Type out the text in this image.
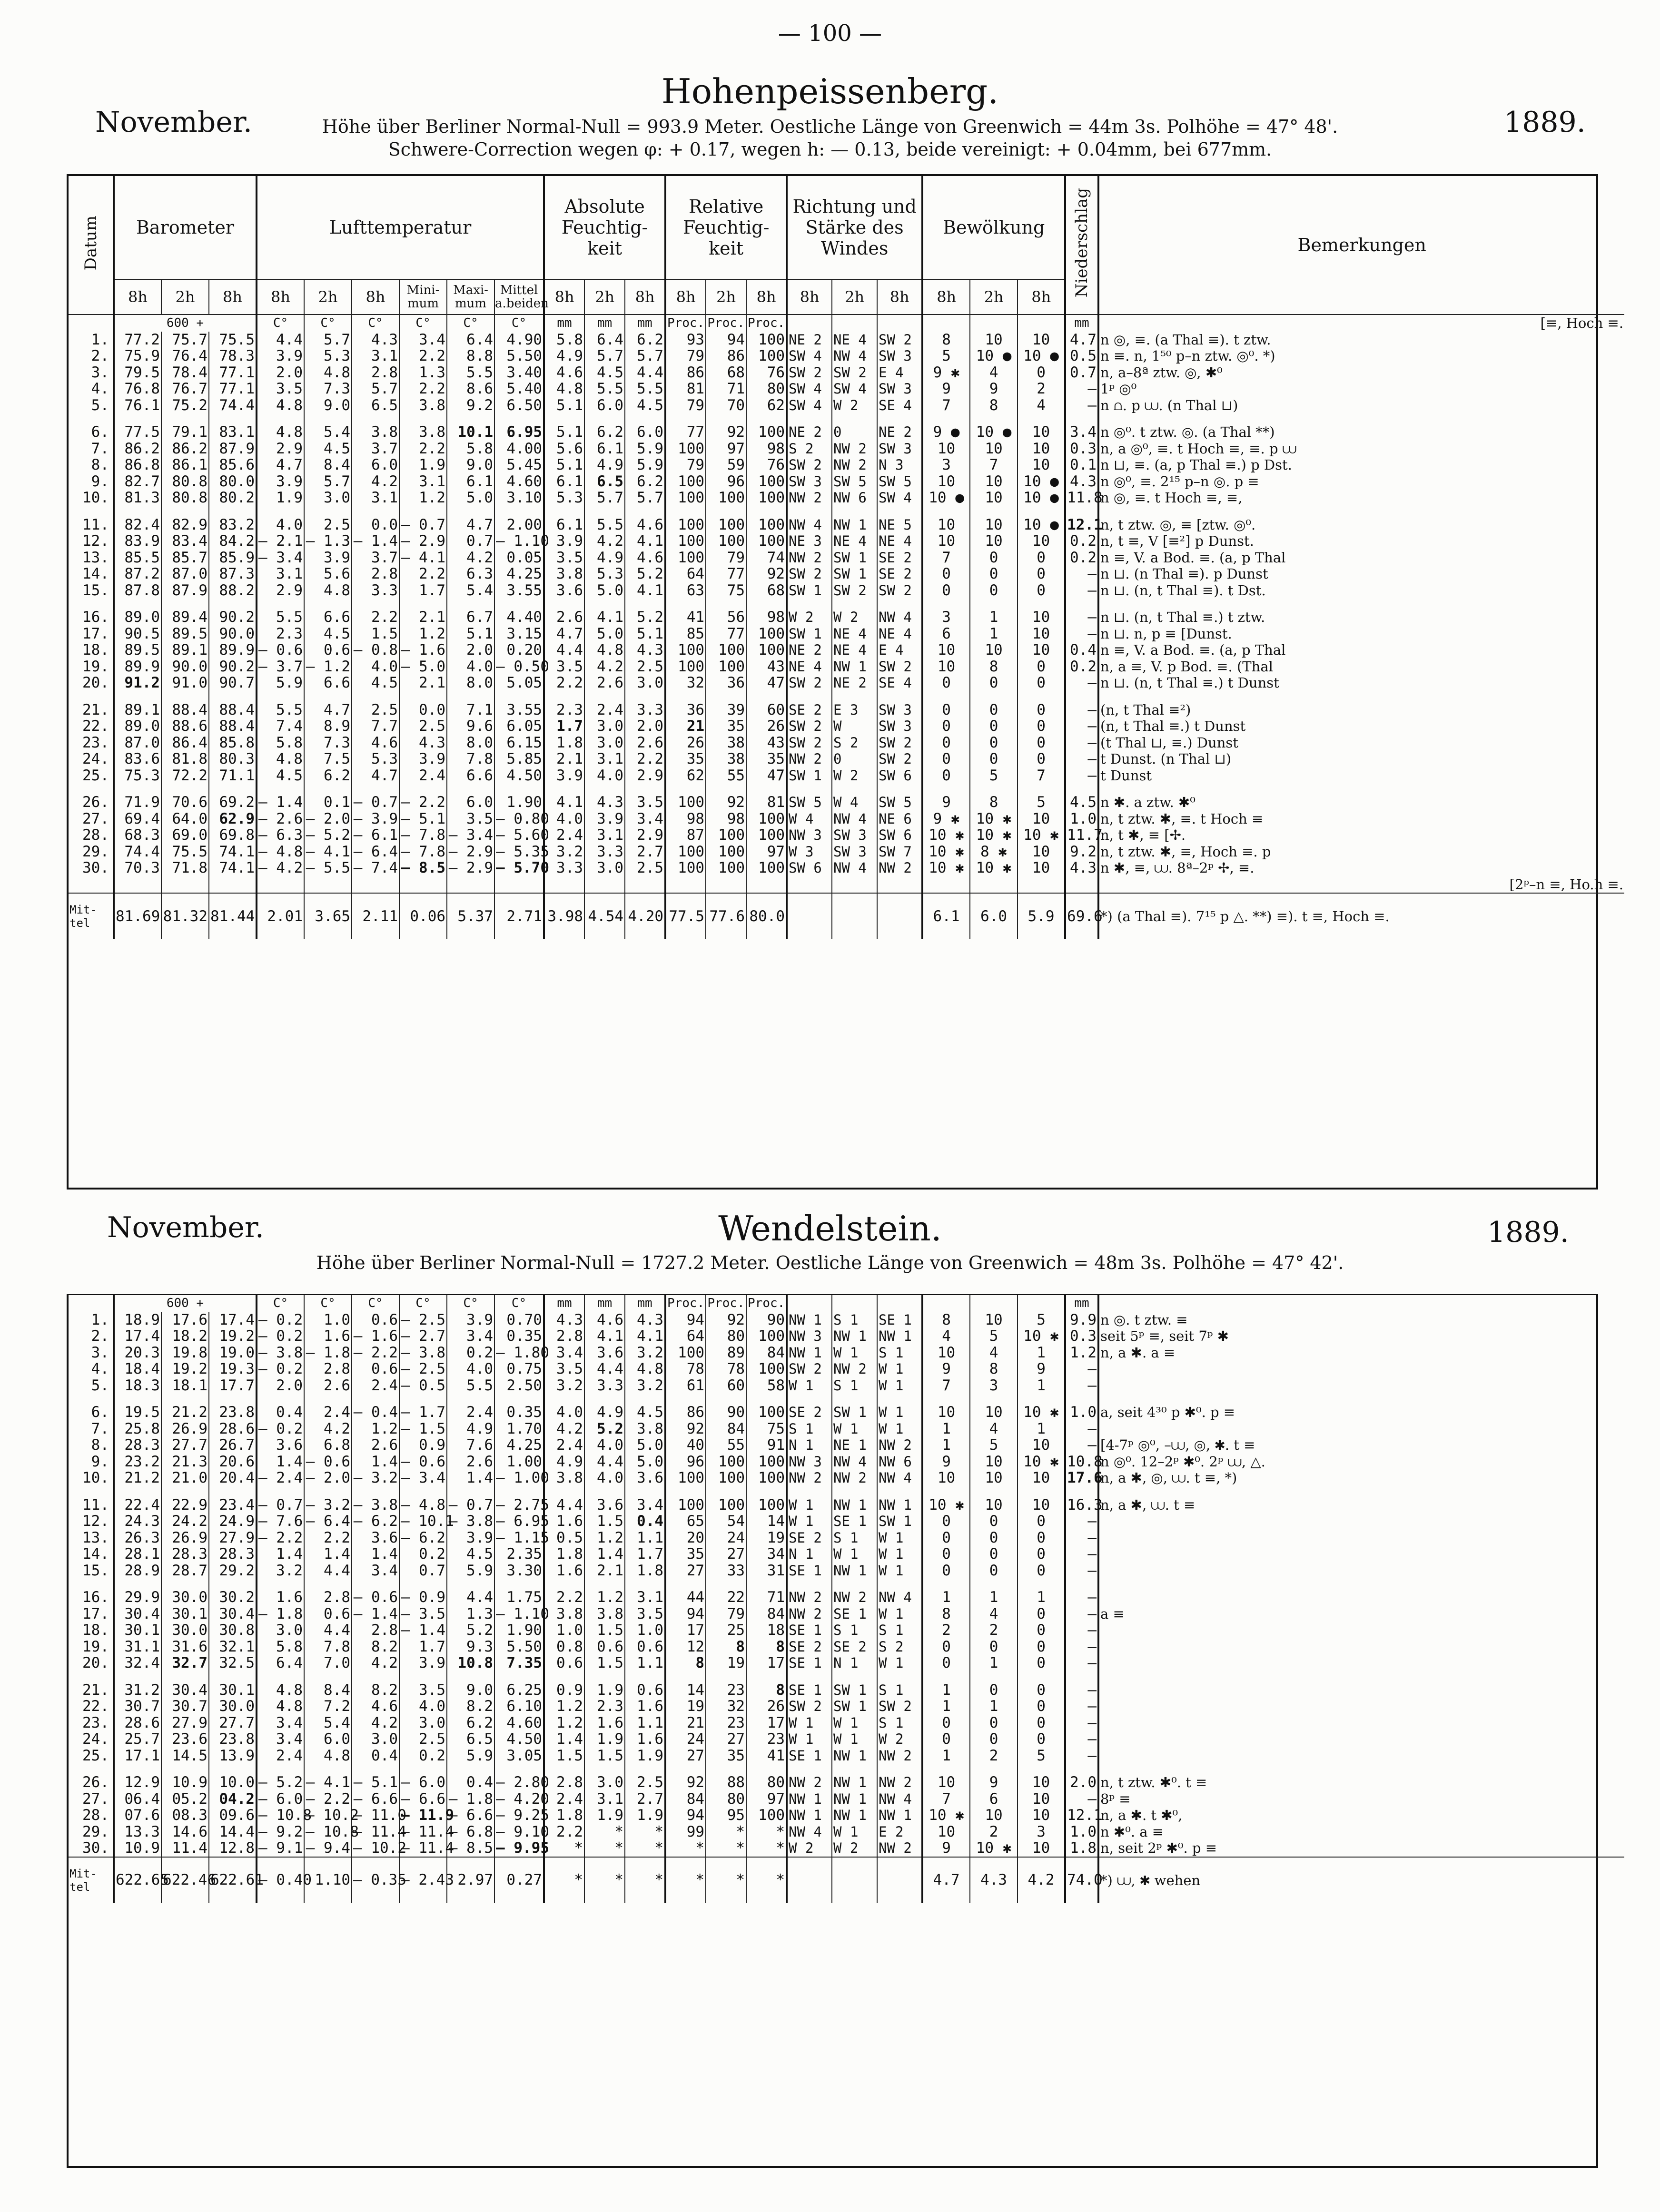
— 100 —
Hohenpeissenberg.
November.	1889.
Höhe über Berliner Normal-Null = 993.9 Meter. Oestliche Länge von Greenwich = 44m 3s. Polhöhe = 47° 48'.
Schwere-Correction wegen φ: + 0.17, wegen h: — 0.13, beide vereinigt: + 0.04mm, bei 677mm.
Datum	Barometer			Lufttemperatur						Absolute Feuchtig-keit			Relative Feuchtig-keit			Richtung und Stärke des Windes			Bewölkung			Niederschlag	Bemerkungen
	8h	2h	8h	8h	2h	8h	Mini-mum	Maxi-mum	Mittel a.beiden	8h	2h	8h	8h	2h	8h	8h	2h	8h	8h	2h	8h		
	600 +			C°	C°	C°	C°	C°	C°	mm	mm	mm	Proc.	Proc.	Proc.							mm	[≡, Hoch ≡.
1.	77.2	75.7	75.5	4.4	5.7	4.3	3.4	6.4	4.90	5.8	6.4	6.2	93	94	100	NE 2	NE 4	SW 2	8	10	10	4.7	n ◎, ≡. (a Thal ≡). t ztw.
2.	75.9	76.4	78.3	3.9	5.3	3.1	2.2	8.8	5.50	4.9	5.7	5.7	79	86	100	SW 4	NW 4	SW 3	5	10 ●	10 ●	0.5	n ≡. n, 1⁵⁰ p–n ztw. ◎⁰. *)
3.	79.5	78.4	77.1	2.0	4.8	2.8	1.3	5.5	3.40	4.6	4.5	4.4	86	68	76	SW 2	SW 2	E 4	9 ✱	4	0	0.7	n, a–8ª ztw. ◎, ✱⁰
4.	76.8	76.7	77.1	3.5	7.3	5.7	2.2	8.6	5.40	4.8	5.5	5.5	81	71	80	SW 4	SW 4	SW 3	9	9	2	–	1ᵖ ◎⁰
5.	76.1	75.2	74.4	4.8	9.0	6.5	3.8	9.2	6.50	5.1	6.0	4.5	79	70	62	SW 4	W 2	SE 4	7	8	4	–	n ⩍. p ⩊. (n Thal ⊔)

6.	77.5	79.1	83.1	4.8	5.4	3.8	3.8	10.1	6.95	5.1	6.2	6.0	77	92	100	NE 2	0	NE 2	9 ●	10 ●	10	3.4	n ◎⁰. t ztw. ◎. (a Thal **)
7.	86.2	86.2	87.9	2.9	4.5	3.7	2.2	5.8	4.00	5.6	6.1	5.9	100	97	98	S 2	NW 2	SW 3	10	10	10	0.3	n, a ◎⁰, ≡. t Hoch ≡, ≡. p ⩊
8.	86.8	86.1	85.6	4.7	8.4	6.0	1.9	9.0	5.45	5.1	4.9	5.9	79	59	76	SW 2	NW 2	N 3	3	7	10	0.1	n ⊔, ≡. (a, p Thal ≡.) p Dst.
9.	82.7	80.8	80.0	3.9	5.7	4.2	3.1	6.1	4.60	6.1	6.5	6.2	100	96	100	SW 3	SW 5	SW 5	10	10	10 ●	4.3	n ◎⁰, ≡. 2¹⁵ p–n ◎. p ≡
10.	81.3	80.8	80.2	1.9	3.0	3.1	1.2	5.0	3.10	5.3	5.7	5.7	100	100	100	NW 2	NW 6	SW 4	10 ●	10	10 ●	11.8	n ◎, ≡. t Hoch ≡, ≡,

11.	82.4	82.9	83.2	4.0	2.5	0.0	– 0.7	4.7	2.00	6.1	5.5	4.6	100	100	100	NW 4	NW 1	NE 5	10	10	10 ●	12.1	n, t ztw. ◎, ≡ [ztw. ◎⁰.
12.	83.9	83.4	84.2	– 2.1	– 1.3	– 1.4	– 2.9	0.7	– 1.10	3.9	4.2	4.1	100	100	100	NE 3	NE 4	NE 4	10	10	10	0.2	n, t ≡, V [≡²] p Dunst.
13.	85.5	85.7	85.9	– 3.4	3.9	3.7	– 4.1	4.2	0.05	3.5	4.9	4.6	100	79	74	NW 2	SW 1	SE 2	7	0	0	0.2	n ≡, V. a Bod. ≡. (a, p Thal
14.	87.2	87.0	87.3	3.1	5.6	2.8	2.2	6.3	4.25	3.8	5.3	5.2	64	77	92	SW 2	SW 1	SE 2	0	0	0	–	n ⊔. (n Thal ≡). p Dunst
15.	87.8	87.9	88.2	2.9	4.8	3.3	1.7	5.4	3.55	3.6	5.0	4.1	63	75	68	SW 1	SW 2	SW 2	0	0	0	–	n ⊔. (n, t Thal ≡). t Dst.

16.	89.0	89.4	90.2	5.5	6.6	2.2	2.1	6.7	4.40	2.6	4.1	5.2	41	56	98	W 2	W 2	NW 4	3	1	10	–	n ⊔. (n, t Thal ≡.) t ztw.
17.	90.5	89.5	90.0	2.3	4.5	1.5	1.2	5.1	3.15	4.7	5.0	5.1	85	77	100	SW 1	NE 4	NE 4	6	1	10	–	n ⊔. n, p ≡ [Dunst.
18.	89.5	89.1	89.9	– 0.6	0.6	– 0.8	– 1.6	2.0	0.20	4.4	4.8	4.3	100	100	100	NE 2	NE 4	E 4	10	10	10	0.4	n ≡, V. a Bod. ≡. (a, p Thal
19.	89.9	90.0	90.2	– 3.7	– 1.2	4.0	– 5.0	4.0	– 0.50	3.5	4.2	2.5	100	100	43	NE 4	NW 1	SW 2	10	8	0	0.2	n, a ≡, V. p Bod. ≡. (Thal
20.	91.2	91.0	90.7	5.9	6.6	4.5	2.1	8.0	5.05	2.2	2.6	3.0	32	36	47	SW 2	NE 2	SE 4	0	0	0	–	n ⊔. (n, t Thal ≡.) t Dunst

21.	89.1	88.4	88.4	5.5	4.7	2.5	0.0	7.1	3.55	2.3	2.4	3.3	36	39	60	SE 2	E 3	SW 3	0	0	0	–	(n, t Thal ≡²)
22.	89.0	88.6	88.4	7.4	8.9	7.7	2.5	9.6	6.05	1.7	3.0	2.0	21	35	26	SW 2	W	SW 3	0	0	0	–	(n, t Thal ≡.) t Dunst
23.	87.0	86.4	85.8	5.8	7.3	4.6	4.3	8.0	6.15	1.8	3.0	2.6	26	38	43	SW 2	S 2	SW 2	0	0	0	–	(t Thal ⊔, ≡.) Dunst
24.	83.6	81.8	80.3	4.8	7.5	5.3	3.9	7.8	5.85	2.1	3.1	2.2	35	38	35	NW 2	0	SW 2	0	0	0	–	t Dunst. (n Thal ⊔)
25.	75.3	72.2	71.1	4.5	6.2	4.7	2.4	6.6	4.50	3.9	4.0	2.9	62	55	47	SW 1	W 2	SW 6	0	5	7	–	t Dunst

26.	71.9	70.6	69.2	– 1.4	0.1	– 0.7	– 2.2	6.0	1.90	4.1	4.3	3.5	100	92	81	SW 5	W 4	SW 5	9	8	5	4.5	n ✱. a ztw. ✱⁰
27.	69.4	64.0	62.9	– 2.6	– 2.0	– 3.9	– 5.1	3.5	– 0.80	4.0	3.9	3.4	98	98	100	W 4	NW 4	NE 6	9 ✱	10 ✱	10	1.0	n, t ztw. ✱, ≡. t Hoch ≡
28.	68.3	69.0	69.8	– 6.3	– 5.2	– 6.1	– 7.8	– 3.4	– 5.60	2.4	3.1	2.9	87	100	100	NW 3	SW 3	SW 6	10 ✱	10 ✱	10 ✱	11.7	n, t ✱, ≡ [✢.
29.	74.4	75.5	74.1	– 4.8	– 4.1	– 6.4	– 7.8	– 2.9	– 5.35	3.2	3.3	2.7	100	100	97	W 3	SW 3	SW 7	10 ✱	8 ✱	10	9.2	n, t ztw. ✱, ≡, Hoch ≡. p
30.	70.3	71.8	74.1	– 4.2	– 5.5	– 7.4	– 8.5	– 2.9	– 5.70	3.3	3.0	2.5	100	100	100	SW 6	NW 4	NW 2	10 ✱	10 ✱	10	4.3	n ✱, ≡, ⩊. 8ª–2ᵖ ✢, ≡.
																							[2ᵖ–n ≡, Ho.h ≡.
Mit-tel	81.69	81.32	81.44	2.01	3.65	2.11	0.06	5.37	2.71	3.98	4.54	4.20	77.5	77.6	80.0				6.1	6.0	5.9	69.6	*) (a Thal ≡). 7¹⁵ p △. **) ≡). t ≡, Hoch ≡.
November.	Wendelstein.	1889.
Höhe über Berliner Normal-Null = 1727.2 Meter. Oestliche Länge von Greenwich = 48m 3s. Polhöhe = 47° 42'.
	600 +			C°	C°	C°	C°	C°	C°	mm	mm	mm	Proc.	Proc.	Proc.							mm	
1.	18.9	17.6	17.4	– 0.2	1.0	0.6	– 2.5	3.9	0.70	4.3	4.6	4.3	94	92	90	NW 1	S 1	SE 1	8	10	5	9.9	n ◎. t ztw. ≡
2.	17.4	18.2	19.2	– 0.2	1.6	– 1.6	– 2.7	3.4	0.35	2.8	4.1	4.1	64	80	100	NW 3	NW 1	NW 1	4	5	10 ✱	0.3	seit 5ᵖ ≡, seit 7ᵖ ✱
3.	20.3	19.8	19.0	– 3.8	– 1.8	– 2.2	– 3.8	0.2	– 1.80	3.4	3.6	3.2	100	89	84	NW 1	W 1	S 1	10	4	1	1.2	n, a ✱. a ≡
4.	18.4	19.2	19.3	– 0.2	2.8	0.6	– 2.5	4.0	0.75	3.5	4.4	4.8	78	78	100	SW 2	NW 2	W 1	9	8	9	–	
5.	18.3	18.1	17.7	2.0	2.6	2.4	– 0.5	5.5	2.50	3.2	3.3	3.2	61	60	58	W 1	S 1	W 1	7	3	1	–	

6.	19.5	21.2	23.8	0.4	2.4	– 0.4	– 1.7	2.4	0.35	4.0	4.9	4.5	86	90	100	SE 2	SW 1	W 1	10	10	10 ✱	1.0	a, seit 4³⁰ p ✱⁰. p ≡
7.	25.8	26.9	28.6	– 0.2	4.2	1.2	– 1.5	4.9	1.70	4.2	5.2	3.8	92	84	75	S 1	W 1	W 1	1	4	1	–	
8.	28.3	27.7	26.7	3.6	6.8	2.6	0.9	7.6	4.25	2.4	4.0	5.0	40	55	91	N 1	NE 1	NW 2	1	5	10	–	[4-7ᵖ ◎⁰, –⩊, ◎, ✱. t ≡
9.	23.2	21.3	20.6	1.4	– 0.6	1.4	– 0.6	2.6	1.00	4.9	4.4	5.0	96	100	100	NW 3	NW 4	NW 6	9	10	10 ✱	10.8	n ◎⁰. 12–2ᵖ ✱⁰. 2ᵖ ⩊, △.
10.	21.2	21.0	20.4	– 2.4	– 2.0	– 3.2	– 3.4	1.4	– 1.00	3.8	4.0	3.6	100	100	100	NW 2	NW 2	NW 4	10	10	10	17.6	n, a ✱, ◎, ⩊. t ≡, *)

11.	22.4	22.9	23.4	– 0.7	– 3.2	– 3.8	– 4.8	– 0.7	– 2.75	4.4	3.6	3.4	100	100	100	W 1	NW 1	NW 1	10 ✱	10	10	16.3	n, a ✱, ⩊. t ≡
12.	24.3	24.2	24.9	– 7.6	– 6.4	– 6.2	– 10.1	– 3.8	– 6.95	1.6	1.5	0.4	65	54	14	W 1	SE 1	SW 1	0	0	0	–	
13.	26.3	26.9	27.9	– 2.2	2.2	3.6	– 6.2	3.9	– 1.15	0.5	1.2	1.1	20	24	19	SE 2	S 1	W 1	0	0	0	–	
14.	28.1	28.3	28.3	1.4	1.4	1.4	0.2	4.5	2.35	1.8	1.4	1.7	35	27	34	N 1	W 1	W 1	0	0	0	–	
15.	28.9	28.7	29.2	3.2	4.4	3.4	0.7	5.9	3.30	1.6	2.1	1.8	27	33	31	SE 1	NW 1	W 1	0	0	0	–	

16.	29.9	30.0	30.2	1.6	2.8	– 0.6	– 0.9	4.4	1.75	2.2	1.2	3.1	44	22	71	NW 2	NW 2	NW 4	1	1	1	–	
17.	30.4	30.1	30.4	– 1.8	0.6	– 1.4	– 3.5	1.3	– 1.10	3.8	3.8	3.5	94	79	84	NW 2	SE 1	W 1	8	4	0	–	a ≡
18.	30.1	30.0	30.8	3.0	4.4	2.8	– 1.4	5.2	1.90	1.0	1.5	1.0	17	25	18	SE 1	S 1	S 1	2	2	0	–	
19.	31.1	31.6	32.1	5.8	7.8	8.2	1.7	9.3	5.50	0.8	0.6	0.6	12	8	8	SE 2	SE 2	S 2	0	0	0	–	
20.	32.4	32.7	32.5	6.4	7.0	4.2	3.9	10.8	7.35	0.6	1.5	1.1	8	19	17	SE 1	N 1	W 1	0	1	0	–	

21.	31.2	30.4	30.1	4.8	8.4	8.2	3.5	9.0	6.25	0.9	1.9	0.6	14	23	8	SE 1	SW 1	S 1	1	0	0	–	
22.	30.7	30.7	30.0	4.8	7.2	4.6	4.0	8.2	6.10	1.2	2.3	1.6	19	32	26	SW 2	SW 1	SW 2	1	1	0	–	
23.	28.6	27.9	27.7	3.4	5.4	4.2	3.0	6.2	4.60	1.2	1.6	1.1	21	23	17	W 1	W 1	S 1	0	0	0	–	
24.	25.7	23.6	23.8	3.4	6.0	3.0	2.5	6.5	4.50	1.4	1.9	1.6	24	27	23	W 1	W 1	W 2	0	0	0	–	
25.	17.1	14.5	13.9	2.4	4.8	0.4	0.2	5.9	3.05	1.5	1.5	1.9	27	35	41	SE 1	NW 1	NW 2	1	2	5	–	

26.	12.9	10.9	10.0	– 5.2	– 4.1	– 5.1	– 6.0	0.4	– 2.80	2.8	3.0	2.5	92	88	80	NW 2	NW 1	NW 2	10	9	10	2.0	n, t ztw. ✱⁰. t ≡
27.	06.4	05.2	04.2	– 6.0	– 2.2	– 6.6	– 6.6	– 1.8	– 4.20	2.4	3.1	2.7	84	80	97	NW 1	NW 1	NW 4	7	6	10	–	8ᵖ ≡
28.	07.6	08.3	09.6	– 10.8	– 10.2	– 11.0	– 11.9	– 6.6	– 9.25	1.8	1.9	1.9	94	95	100	NW 1	NW 1	NW 1	10 ✱	10	10	12.1	n, a ✱. t ✱⁰,
29.	13.3	14.6	14.4	– 9.2	– 10.8	– 11.4	– 11.4	– 6.8	– 9.10	2.2	*	*	99	*	*	NW 4	W 1	E 2	10	2	3	1.0	n ✱⁰. a ≡
30.	10.9	11.4	12.8	– 9.1	– 9.4	– 10.2	– 11.4	– 8.5	– 9.95	*	*	*	*	*	*	W 2	W 2	NW 2	9	10 ✱	10	1.8	n, seit 2ᵖ ✱⁰. p ≡
Mit-tel	622.65	622.46	622.61	– 0.40	1.10	– 0.35	– 2.43	2.97	0.27	*	*	*	*	*	*				4.7	4.3	4.2	74.0	*) ⩊, ✱ wehen
